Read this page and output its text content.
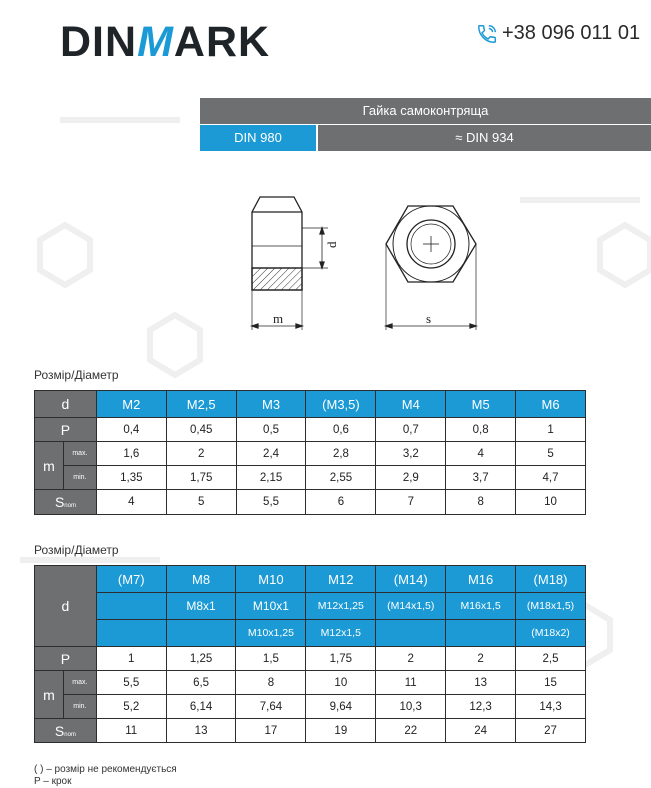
DINMARK	+38 096 011 01
Гайка самоконтряща
DIN 980	≈ DIN 934
d
m	s
Розмір/Діаметр
d		M2	M2,5	M3	(M3,5)	M4	M5	M6
P		0,4	0,45	0,5	0,6	0,7	0,8	1
m	max.	1,6	2	2,4	2,8	3,2	4	5
	min.	1,35	1,75	2,15	2,55	2,9	3,7	4,7
Snom		4	5	5,5	6	7	8	10
Розмір/Діаметр
d		(M7)	M8	M10	M12	(M14)	M16	(M18)
			M8x1	M10x1	M12x1,25	(M14x1,5)	M16x1,5	(M18x1,5)
				M10x1,25	M12x1,5			(M18x2)
P		1	1,25	1,5	1,75	2	2	2,5
m	max.	5,5	6,5	8	10	11	13	15
	min.	5,2	6,14	7,64	9,64	10,3	12,3	14,3
Snom		11	13	17	19	22	24	27
( ) – розмір не рекомендується
P – крок
